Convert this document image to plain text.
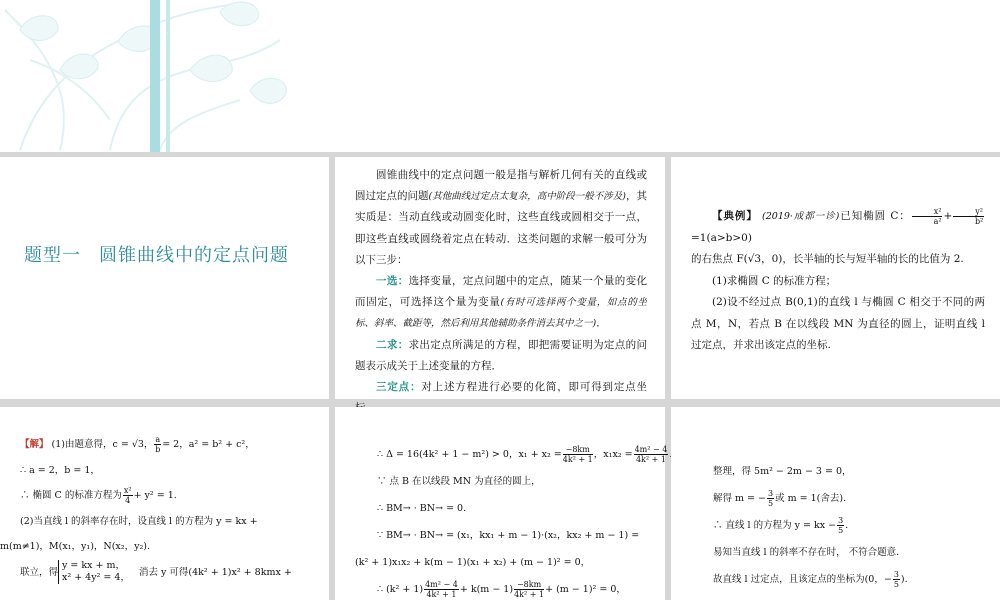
题型一 圆锥曲线中的定点问题

圆锥曲线中的定点问题一般是指与解析几何有关的直线或圆过定点的问题(其他曲线过定点太复杂，高中阶段一般不涉及)，其实质是：当动直线或动圆变化时，这些直线或圆相交于一点，即这些直线或圆绕着定点在转动．这类问题的求解一般可分为以下三步：

一选：选择变量，定点问题中的定点，随某一个量的变化而固定，可选择这个量为变量(有时可选择两个变量，如点的坐标、斜率、截距等，然后利用其他辅助条件消去其中之一)．

二求：求出定点所满足的方程，即把需要证明为定点的问题表示成关于上述变量的方程．

三定点：对上述方程进行必要的化简，即可得到定点坐

【典例】 (2019·成都一诊)已知椭圆 C： $\frac{\text{x²}}{\text{a²}} + \frac{\text{y²}}{\text{b²}}$
=1(a>b>0)

的右焦点 F(√3，0)，长半轴的长与短半轴的长的比值为 2.

(1)求椭圆 C 的标准方程；

(2)设不经过点 B(0,1)的直线 l 与椭圆 C 相交于不同的两点 M，N，若点 B 在以线段 MN 为直径的圆上，证明直线 l 过定点，并求出该定点的坐标.

【解】 (1)由题意得，c = √3， $\frac{a}{b} = 2$，a² = b² + c²，

∴ a = 2，b = 1，

∴ 椭圆 C 的标准方程为 $\frac{\text{x²}}{4} + y^2 = 1$.

(2)当直线 l 的斜率存在时，设直线 l 的方程为 y = kx +

m(m≠1)，M(x₁，y₁)，N(x₂，y₂).

联立，得
y = kx + m，
x² + 4y² = 4， 消去 y 可得(4k² + 1)x² + 8kmx +

∴ Δ = 16(4k² + 1 − m²) > 0，$x_1 + x_2 = \frac{-8km}{\text{4k² + 1}}$ ，$x_1x_2 = \frac{\text{4m² − 4}}{\text{4k² + 1}}$

∵ 点 B 在以线段 MN 为直径的圆上，

∴ BM→ · BN→ = 0.

∵ BM→ · BN→ = (x₁，kx₁ + m − 1)·(x₂，kx₂ + m − 1) =

(k² + 1)x₁x₂ + k(m − 1)(x₁ + x₂) + (m − 1)² = 0，

∴ $(k^2 + 1) \frac{\text{4m² − 4}}{\text{4k² + 1}} + k(m - 1) \frac{-8km}{\text{4k² + 1}} + (m - 1)^2 = 0$，

整理，得 5m² − 2m − 3 = 0，

解得 m = − $\frac{3}{5}$ 或 m = 1(舍去).

∴ 直线 l 的方程为 y = kx − $\frac{3}{5}$ .

易知当直线 l 的斜率不存在时， 不符合题意.

故直线 l 过定点，且该定点的坐标为(0，− $\frac{3}{5}$ ).
